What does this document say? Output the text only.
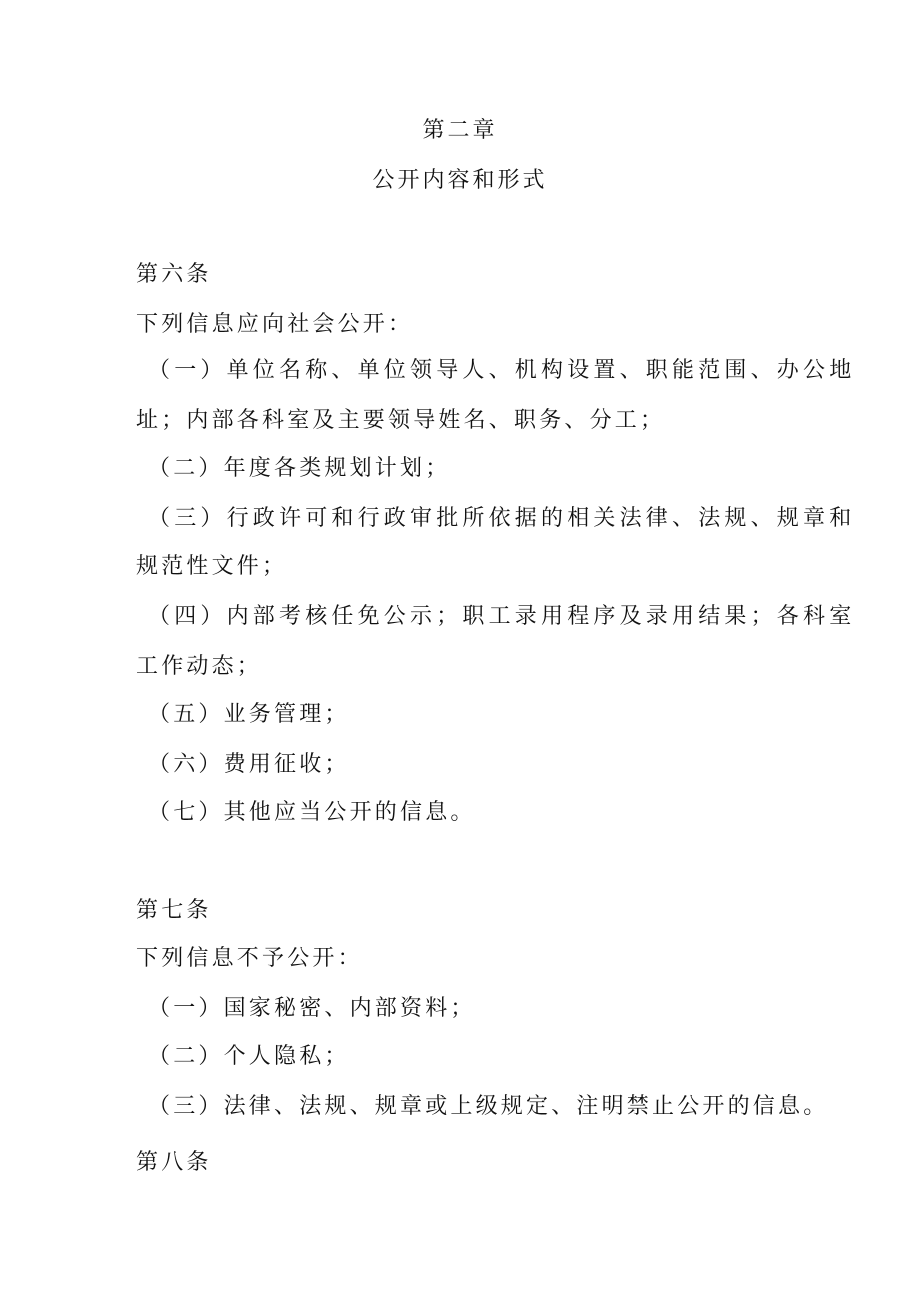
第二章
公开内容和形式
第六条
下列信息应向社会公开：
（一）单位名称、单位领导人、机构设置、职能范围、办公地
址；内部各科室及主要领导姓名、职务、分工；
（二）年度各类规划计划；
（三）行政许可和行政审批所依据的相关法律、法规、规章和
规范性文件；
（四）内部考核任免公示；职工录用程序及录用结果；各科室
工作动态；
（五）业务管理；
（六）费用征收；
（七）其他应当公开的信息。
第七条
下列信息不予公开：
（一）国家秘密、内部资料；
（二）个人隐私；
（三）法律、法规、规章或上级规定、注明禁止公开的信息。
第八条
